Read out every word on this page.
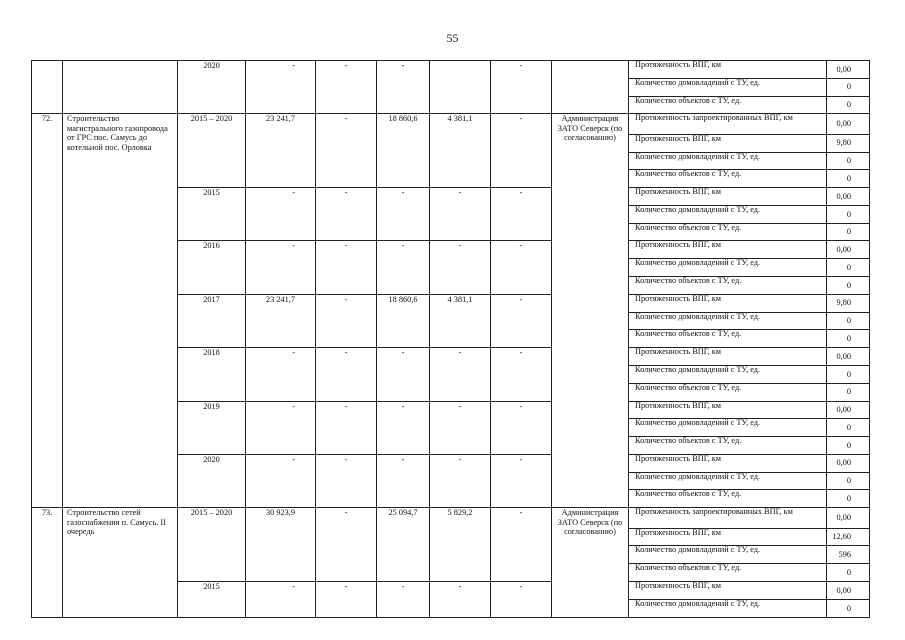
55
		2020	-	-	-		-		Протяженность ВПГ, км	0,00
									Количество домовладений с ТУ, ед.	0
									Количество объектов с ТУ, ед.	0
72.	Строительство магистрального газопровода от ГРС пос. Самусь до котельной пос. Орловка	2015 – 2020	23 241,7	-	18 860,6	4 381,1	-	Администрация ЗАТО Северск (по согласованию)	Протяженность запроектированных ВПГ, км	0,00
									Протяженность ВПГ, км	9,80
									Количество домовладений с ТУ, ед.	0
									Количество объектов с ТУ, ед.	0
		2015	-	-	-	-	-		Протяженность ВПГ, км	0,00
									Количество домовладений с ТУ, ед.	0
									Количество объектов с ТУ, ед.	0
		2016	-	-	-	-	-		Протяженность ВПГ, км	0,00
									Количество домовладений с ТУ, ед.	0
									Количество объектов с ТУ, ед.	0
		2017	23 241,7	-	18 860,6	4 381,1	-		Протяженность ВПГ, км	9,80
									Количество домовладений с ТУ, ед.	0
									Количество объектов с ТУ, ед.	0
		2018	-	-	-	-	-		Протяженность ВПГ, км	0,00
									Количество домовладений с ТУ, ед.	0
									Количество объектов с ТУ, ед.	0
		2019	-	-	-	-	-		Протяженность ВПГ, км	0,00
									Количество домовладений с ТУ, ед.	0
									Количество объектов с ТУ, ед.	0
		2020	-	-	-	-	-		Протяженность ВПГ, км	0,00
									Количество домовладений с ТУ, ед.	0
									Количество объектов с ТУ, ед.	0
73.	Строительство сетей газоснабжения п. Самусь. II очередь	2015 – 2020	30 923,9	-	25 094,7	5 829,2	-	Администрация ЗАТО Северск (по согласованию)	Протяженность запроектированных ВПГ, км	0,00
									Протяженность ВПГ, км	12,60
									Количество домовладений с ТУ, ед.	596
									Количество объектов с ТУ, ед.	0
		2015	-	-	-	-	-		Протяженность ВПГ, км	0,00
									Количество домовладений с ТУ, ед.	0
